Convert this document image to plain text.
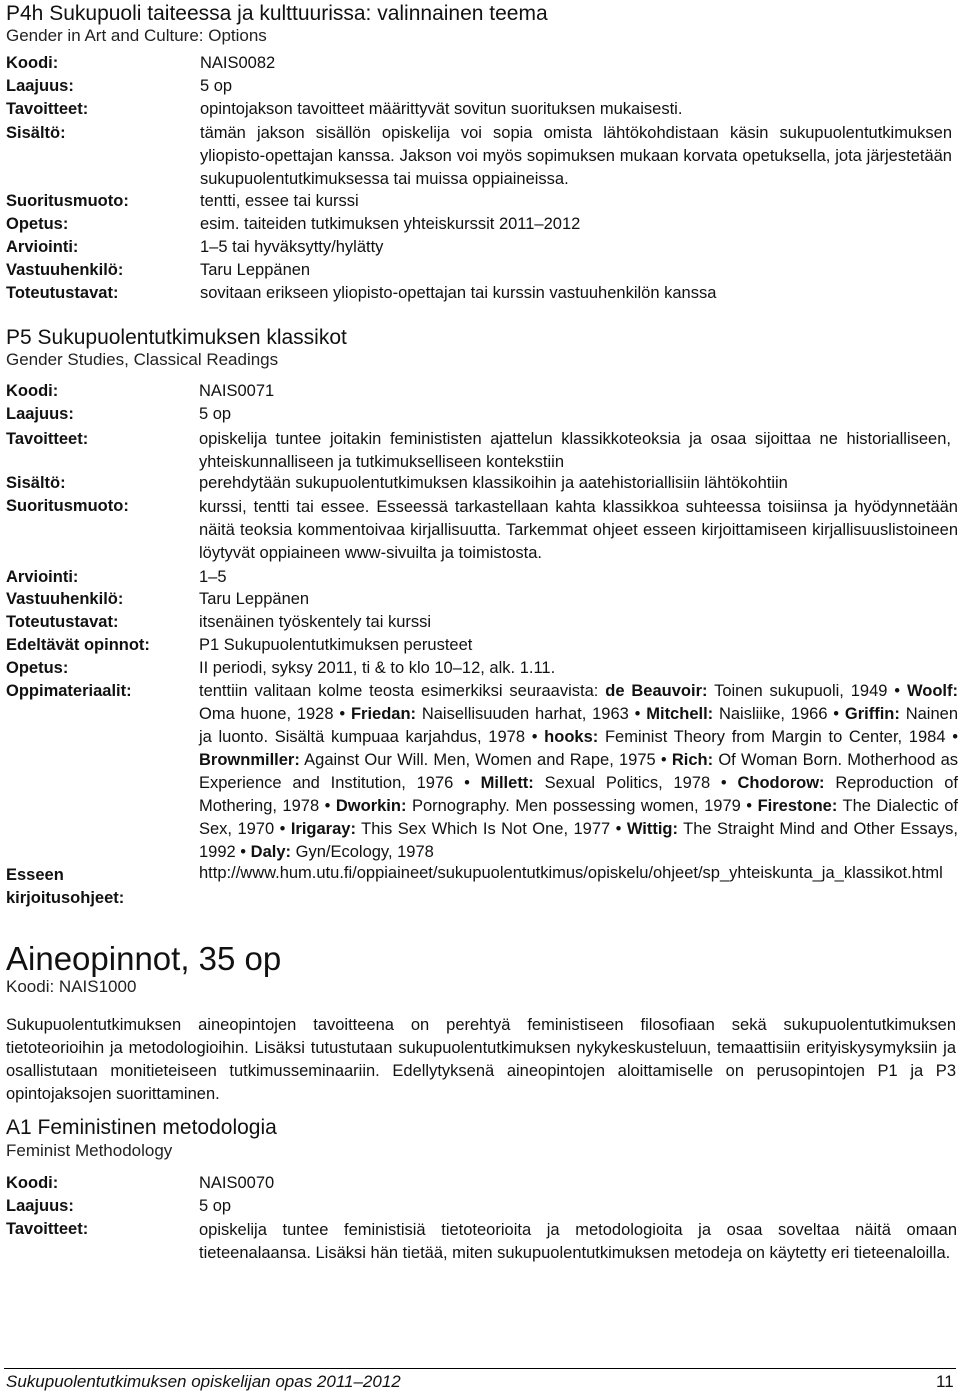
P4h Sukupuoli taiteessa ja kulttuurissa: valinnainen teema
Gender in Art and Culture: Options
Koodi:	NAIS0082
Laajuus:	5 op
Tavoitteet:	opintojakson tavoitteet määrittyvät sovitun suorituksen mukaisesti.
Sisältö:	tämän jakson sisällön opiskelija voi sopia omista lähtökohdistaan käsin sukupuolentutkimuksen yliopisto-opettajan kanssa. Jakson voi myös sopimuksen mukaan korvata opetuksella, jota järjestetään sukupuolentutkimuksessa tai muissa oppiaineissa.
Suoritusmuoto:	tentti, essee tai kurssi
Opetus:	esim. taiteiden tutkimuksen yhteiskurssit 2011–2012
Arviointi:	1–5 tai hyväksytty/hylätty
Vastuuhenkilö:	Taru Leppänen
Toteutustavat:	sovitaan erikseen yliopisto-opettajan tai kurssin vastuuhenkilön kanssa
P5 Sukupuolentutkimuksen klassikot
Gender Studies, Classical Readings
Koodi:	NAIS0071
Laajuus:	5 op
Tavoitteet:	opiskelija tuntee joitakin feminististen ajattelun klassikkoteoksia ja osaa sijoittaa ne historialliseen, yhteiskunnalliseen ja tutkimukselliseen kontekstiin
Sisältö:	perehdytään sukupuolentutkimuksen klassikoihin ja aatehistoriallisiin lähtökohtiin
Suoritusmuoto:	kurssi, tentti tai essee. Esseessä tarkastellaan kahta klassikkoa suhteessa toisiinsa ja hyödynnetään näitä teoksia kommentoivaa kirjallisuutta. Tarkemmat ohjeet esseen kirjoittamiseen kirjallisuuslistoineen löytyvät oppiaineen www-sivuilta ja toimistosta.
Arviointi:	1–5
Vastuuhenkilö:	Taru Leppänen
Toteutustavat:	itsenäinen työskentely tai kurssi
Edeltävät opinnot:	P1 Sukupuolentutkimuksen perusteet
Opetus:	II periodi, syksy 2011, ti & to klo 10–12, alk. 1.11.
Oppimateriaalit:	tenttiin valitaan kolme teosta esimerkiksi seuraavista: de Beauvoir: Toinen sukupuoli, 1949 • Woolf: Oma huone, 1928 • Friedan: Naisellisuuden harhat, 1963 • Mitchell: Naisliike, 1966 • Griffin: Nainen ja luonto. Sisältä kumpuaa karjahdus, 1978 • hooks: Feminist Theory from Margin to Center, 1984 • Brownmiller: Against Our Will. Men, Women and Rape, 1975 • Rich: Of Woman Born. Motherhood as Experience and Institution, 1976 • Millett: Sexual Politics, 1978 • Chodorow: Reproduction of Mothering, 1978 • Dworkin: Pornography. Men possessing women, 1979 • Firestone: The Dialectic of Sex, 1970 • Irigaray: This Sex Which Is Not One, 1977 • Wittig: The Straight Mind and Other Essays, 1992 • Daly: Gyn/Ecology, 1978
Esseen kirjoitusohjeet:
http://www.hum.utu.fi/oppiaineet/sukupuolentutkimus/opiskelu/ohjeet/sp_yhteiskunta_ja_klassikot.html
Aineopinnot, 35 op
Koodi: NAIS1000
Sukupuolentutkimuksen aineopintojen tavoitteena on perehtyä feministiseen filosofiaan sekä sukupuolentutkimuksen tietoteorioihin ja metodologioihin. Lisäksi tutustutaan sukupuolentutkimuksen nykykeskusteluun, temaattisiin erityiskysymyksiin ja osallistutaan monitieteiseen tutkimusseminaariin. Edellytyksenä aineopintojen aloittamiselle on perusopintojen P1 ja P3 opintojaksojen suorittaminen.
A1 Feministinen metodologia
Feminist Methodology
Koodi:	NAIS0070
Laajuus:	5 op
Tavoitteet:	opiskelija tuntee feministisiä tietoteorioita ja metodologioita ja osaa soveltaa näitä omaan tieteenalaansa. Lisäksi hän tietää, miten sukupuolentutkimuksen metodeja on käytetty eri tieteenaloilla.
Sukupuolentutkimuksen opiskelijan opas 2011–2012	11
